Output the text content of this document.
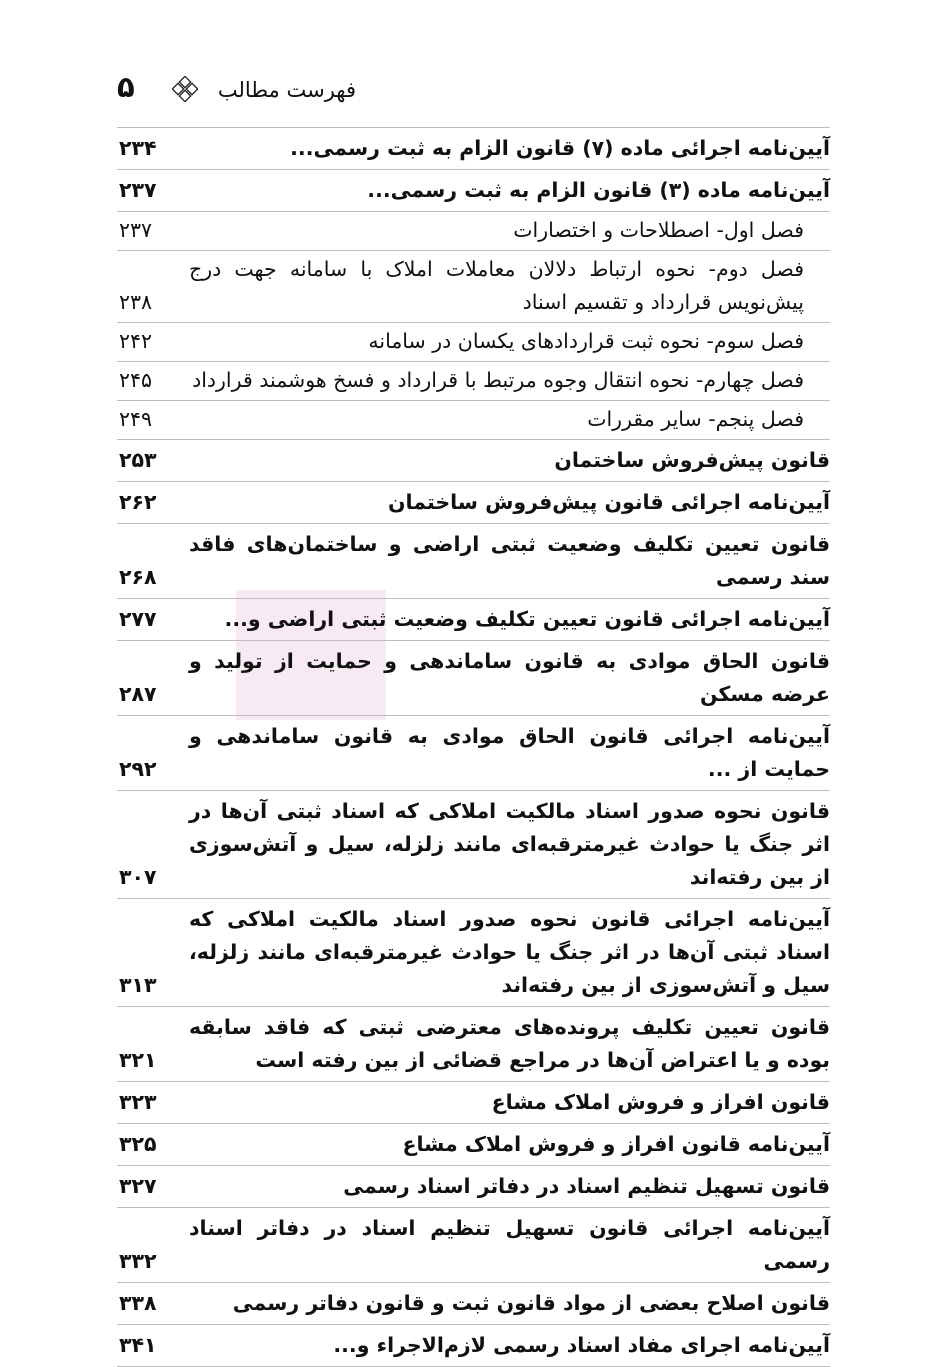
فهرست مطالب
۵
آیین‌نامه اجرائی ماده (۷) قانون الزام به ثبت رسمی...
۲۳۴
آیین‌نامه ماده (۳) قانون الزام به ثبت رسمی...
۲۳۷
فصل اول- اصطلاحات و اختصارات
۲۳۷
فصل دوم- نحوه ارتباط دلالان معاملات املاک با سامانه جهت درج پیش‌نویس قرارداد و تقسیم اسناد
۲۳۸
فصل سوم- نحوه ثبت قراردادهای یکسان در سامانه
۲۴۲
فصل چهارم- نحوه انتقال وجوه مرتبط با قرارداد و فسخ هوشمند قرارداد
۲۴۵
فصل پنجم- سایر مقررات
۲۴۹
قانون پیش‌فروش ساختمان
۲۵۳
آیین‌نامه اجرائی قانون پیش‌فروش ساختمان
۲۶۲
قانون تعیین تکلیف وضعیت ثبتی اراضی و ساختمان‌های فاقد سند رسمی
۲۶۸
آیین‌نامه اجرائی قانون تعیین تکلیف وضعیت ثبتی اراضی و...
۲۷۷
قانون الحاق موادی به قانون ساماندهی و حمایت از تولید و عرضه مسکن
۲۸۷
آیین‌نامه اجرائی قانون الحاق موادی به قانون ساماندهی و حمایت از ...
۲۹۲
قانون نحوه صدور اسناد مالکیت املاکی که اسناد ثبتی آن‌ها در اثر جنگ یا حوادث غیرمترقبه‌ای مانند زلزله، سیل و آتش‌سوزی از بین رفته‌اند
۳۰۷
آیین‌نامه اجرائی قانون نحوه صدور اسناد مالکیت املاکی که اسناد ثبتی آن‌ها در اثر جنگ یا حوادث غیرمترقبه‌ای مانند زلزله، سیل و آتش‌سوزی از بین رفته‌اند
۳۱۳
قانون تعیین تکلیف پرونده‌های معترضی ثبتی که فاقد سابقه بوده و یا اعتراض آن‌ها در مراجع قضائی از بین رفته است
۳۲۱
قانون افراز و فروش املاک مشاع
۳۲۳
آیین‌نامه قانون افراز و فروش املاک مشاع
۳۲۵
قانون تسهیل تنظیم اسناد در دفاتر اسناد رسمی
۳۲۷
آیین‌نامه اجرائی قانون تسهیل تنظیم اسناد در دفاتر اسناد رسمی
۳۳۲
قانون اصلاح بعضی از مواد قانون ثبت و قانون دفاتر رسمی
۳۳۸
آیین‌نامه اجرای مفاد اسناد رسمی لازم‌الاجراء و...
۳۴۱
